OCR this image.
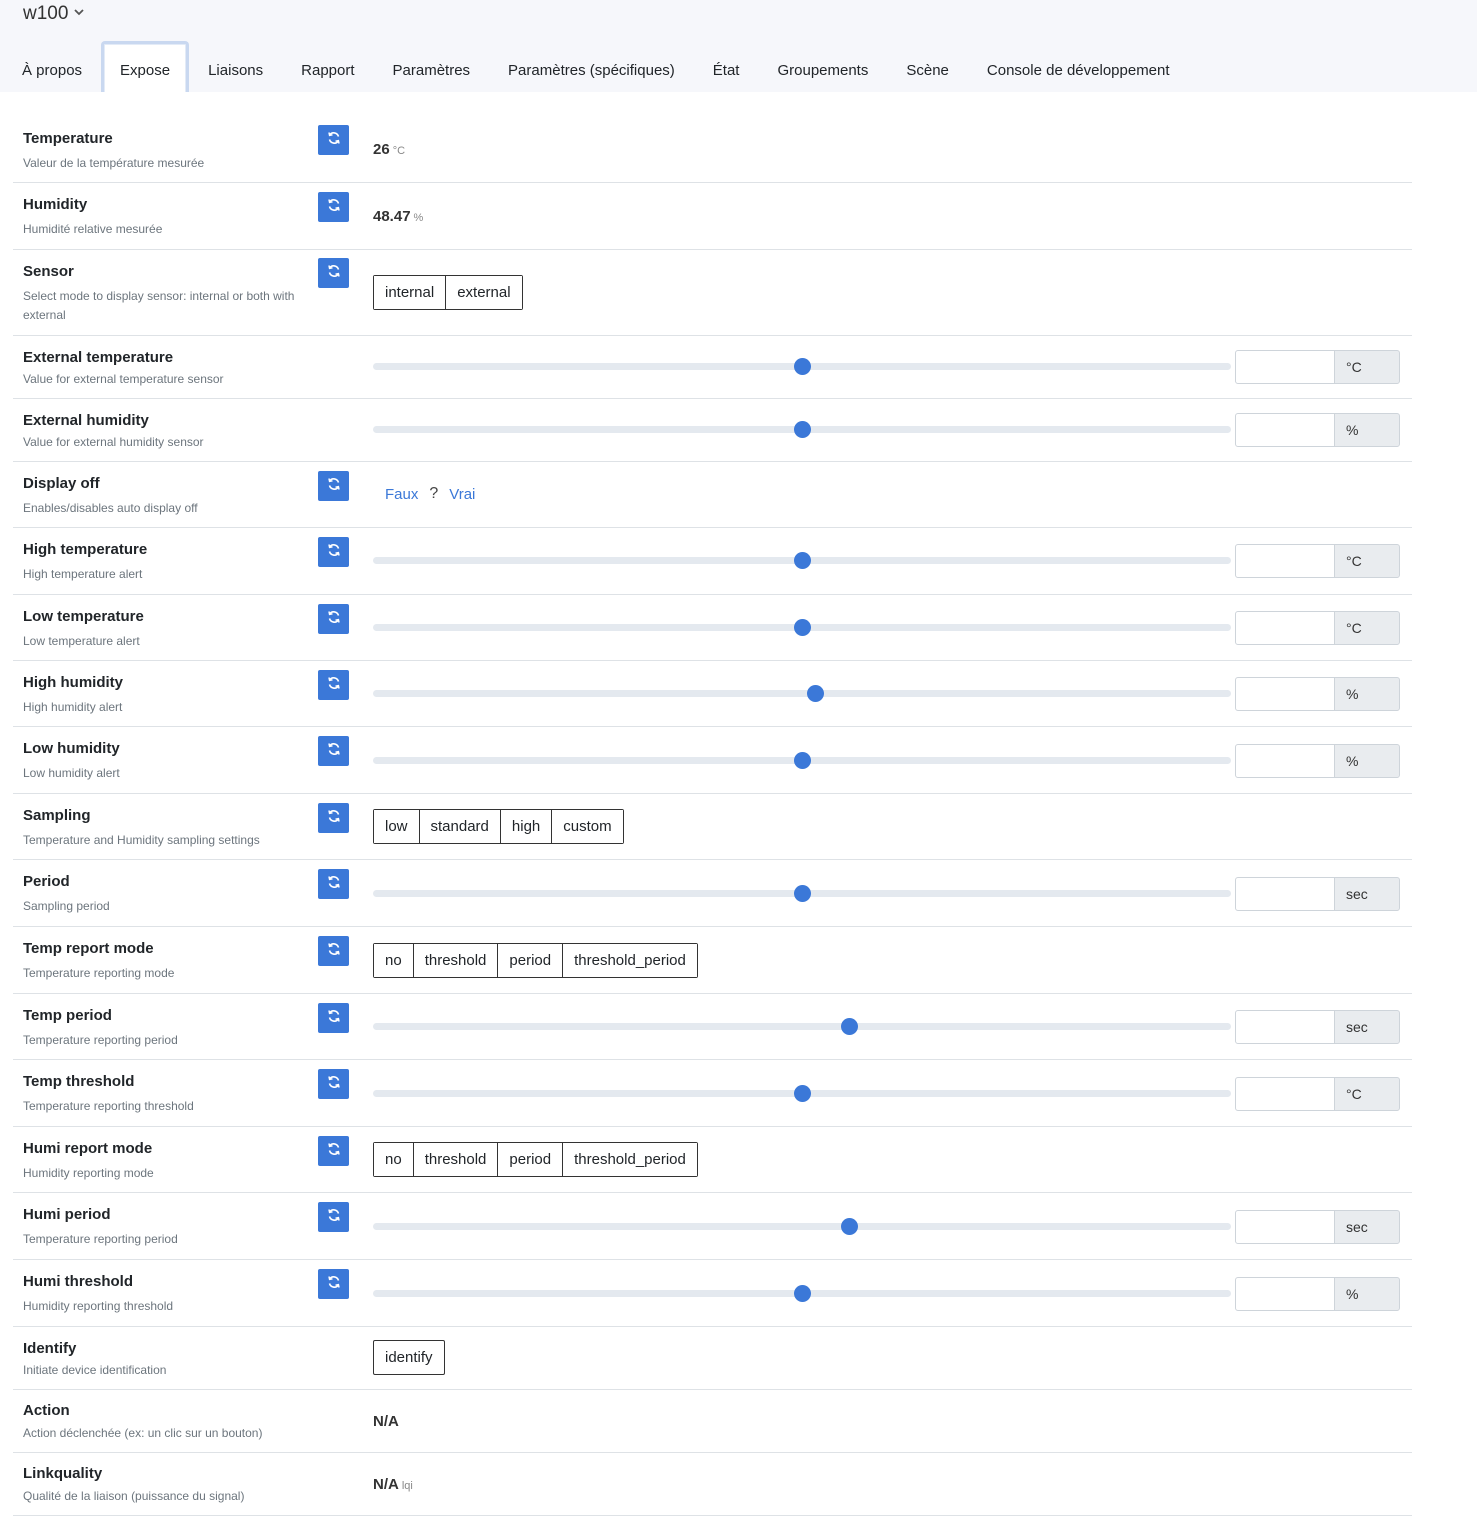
w100
À propos	Expose	Liaisons	Rapport	Paramètres	Paramètres (spécifiques)	État	Groupements	Scène	Console de développement
Temperature
Valeur de la température mesurée
26 °C
Humidity
Humidité relative mesurée
48.47 %
Sensor
Select mode to display sensor: internal or both with external
internal	external
External temperature
Value for external temperature sensor
°C
External humidity
Value for external humidity sensor
%
Display off
Enables/disables auto display off
Faux ? Vrai
High temperature
High temperature alert
°C
Low temperature
Low temperature alert
°C
High humidity
High humidity alert
%
Low humidity
Low humidity alert
%
Sampling
Temperature and Humidity sampling settings
low	standard	high	custom
Period
Sampling period
sec
Temp report mode
Temperature reporting mode
no	threshold	period	threshold_period
Temp period
Temperature reporting period
sec
Temp threshold
Temperature reporting threshold
°C
Humi report mode
Humidity reporting mode
no	threshold	period	threshold_period
Humi period
Temperature reporting period
sec
Humi threshold
Humidity reporting threshold
%
Identify
Initiate device identification
identify
Action
Action déclenchée (ex: un clic sur un bouton)
N/A
Linkquality
Qualité de la liaison (puissance du signal)
N/A lqi
